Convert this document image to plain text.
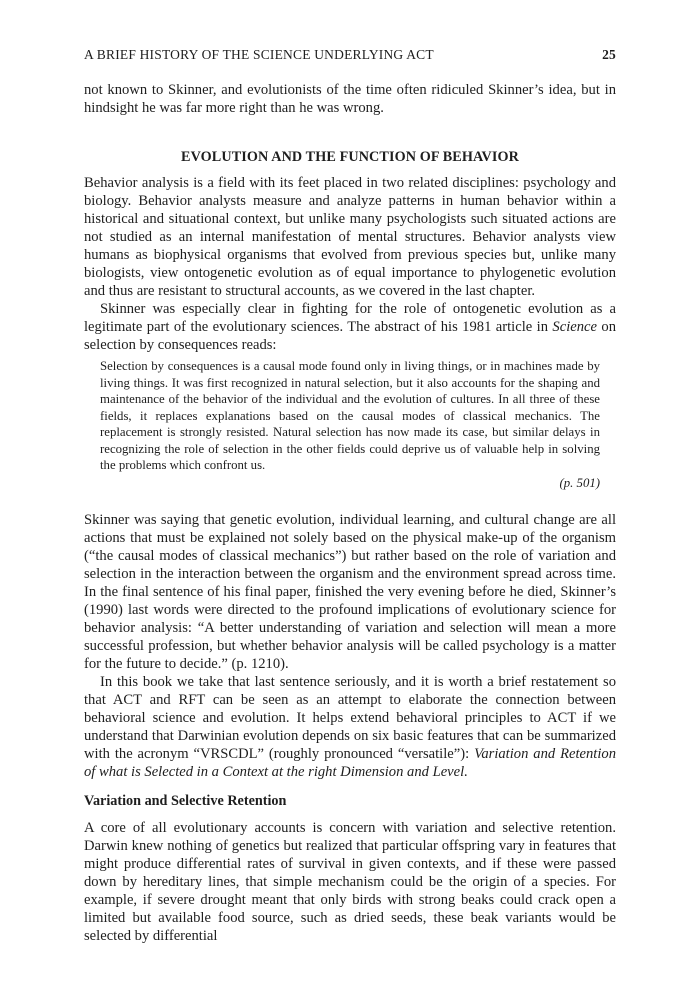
A BRIEF HISTORY OF THE SCIENCE UNDERLYING ACT	25

not known to Skinner, and evolutionists of the time often ridiculed Skinner’s idea, but in hindsight he was far more right than he was wrong.

EVOLUTION AND THE FUNCTION OF BEHAVIOR

Behavior analysis is a field with its feet placed in two related disciplines: psychology and biology. Behavior analysts measure and analyze patterns in human behavior within a historical and situational context, but unlike many psychologists such situated actions are not studied as an internal manifestation of mental structures. Behavior analysts view humans as biophysical organisms that evolved from previous species but, unlike many biologists, view ontogenetic evolution as of equal importance to phylogenetic evolution and thus are resistant to structural accounts, as we covered in the last chapter.

Skinner was especially clear in fighting for the role of ontogenetic evolution as a legitimate part of the evolutionary sciences. The abstract of his 1981 article in Science on selection by consequences reads:

Selection by consequences is a causal mode found only in living things, or in machines made by living things. It was first recognized in natural selection, but it also accounts for the shaping and maintenance of the behavior of the individual and the evolution of cultures. In all three of these fields, it replaces explanations based on the causal modes of classical mechanics. The replacement is strongly resisted. Natural selection has now made its case, but similar delays in recognizing the role of selection in the other fields could deprive us of valuable help in solving the problems which confront us.

(p. 501)

Skinner was saying that genetic evolution, individual learning, and cultural change are all actions that must be explained not solely based on the physical make-up of the organism (“the causal modes of classical mechanics”) but rather based on the role of variation and selection in the interaction between the organism and the environment spread across time. In the final sentence of his final paper, finished the very evening before he died, Skinner’s (1990) last words were directed to the profound implications of evolutionary science for behavior analysis: “A better understanding of variation and selection will mean a more successful profession, but whether behavior analysis will be called psychology is a matter for the future to decide.” (p. 1210).

In this book we take that last sentence seriously, and it is worth a brief restatement so that ACT and RFT can be seen as an attempt to elaborate the connection between behavioral science and evolution. It helps extend behavioral principles to ACT if we understand that Darwinian evolution depends on six basic features that can be summarized with the acronym “VRSCDL” (roughly pronounced “versatile”): Variation and Retention of what is Selected in a Context at the right Dimension and Level.

Variation and Selective Retention

A core of all evolutionary accounts is concern with variation and selective retention. Darwin knew nothing of genetics but realized that particular offspring vary in features that might produce differential rates of survival in given contexts, and if these were passed down by hereditary lines, that simple mechanism could be the origin of a species. For example, if severe drought meant that only birds with strong beaks could crack open a limited but available food source, such as dried seeds, these beak variants would be selected by differential
